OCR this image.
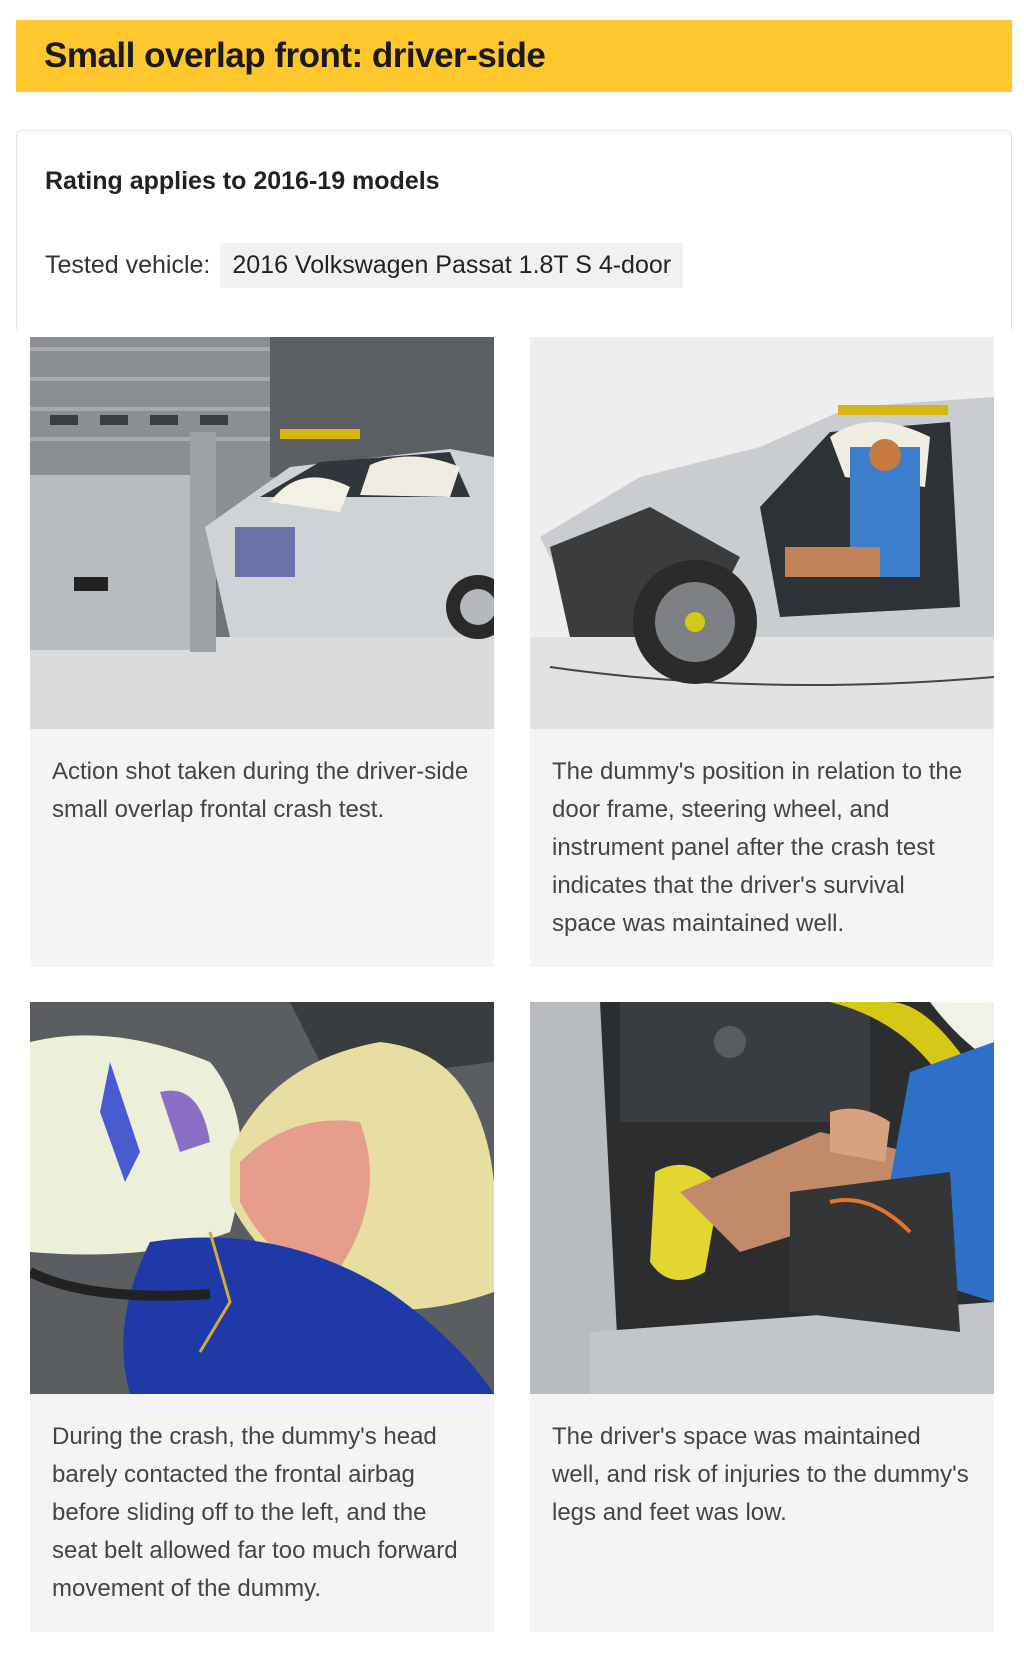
Small overlap front: driver-side
Rating applies to 2016-19 models
Tested vehicle: 2016 Volkswagen Passat 1.8T S 4-door
Action shot taken during the driver-side small overlap frontal crash test.
The dummy's position in relation to the door frame, steering wheel, and instrument panel after the crash test indicates that the driver's survival space was maintained well.
During the crash, the dummy's head barely contacted the frontal airbag before sliding off to the left, and the seat belt allowed far too much forward movement of the dummy.
The driver's space was maintained well, and risk of injuries to the dummy's legs and feet was low.
